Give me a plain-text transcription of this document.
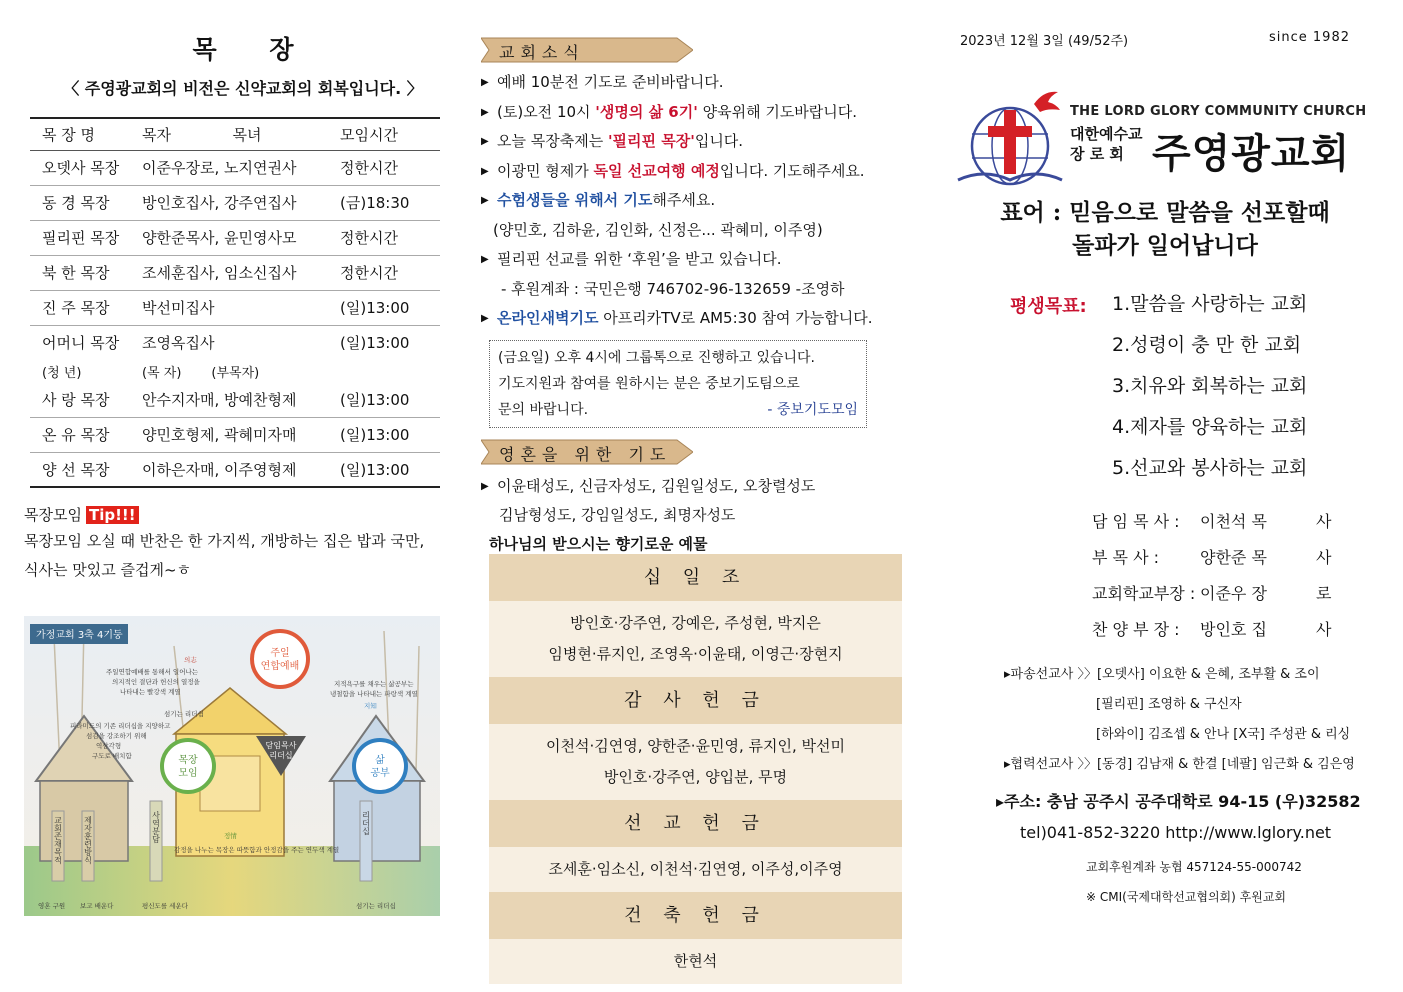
목 장
〈 주영광교회의 비전은 신약교회의 회복입니다. 〉
목 장 명	목자 목녀	모임시간
오뎃사 목장	이준우장로, 노지연권사	정한시간
동 경 목장	방인호집사, 강주연집사	(금)18:30
필리핀 목장	양한준목사, 윤민영사모	정한시간
북 한 목장	조세훈집사, 임소신집사	정한시간
진 주 목장	박선미집사	(일)13:00
어머니 목장	조영옥집사	(일)13:00
(청 년)	(목 자) (부목자)	
사 랑 목장	안수지자매, 방예찬형제	(일)13:00
온 유 목장	양민호형제, 곽혜미자매	(일)13:00
양 선 목장	이하은자매, 이주영형제	(일)13:00
목장모임 Tip!!!
목장모임 오실 때 반찬은 한 가지씩, 개방하는 집은 밥과 국만,
식사는 맛있고 즐겁게~ㅎ
가정교회 3축 4기둥
주일
연합예배
목장
모임
삶
공부
담임목사
리더십
의志
주일연합예배를 통해서 일어나는
의지적인 결단과 헌신의 열정을
나타내는 빨강색 계열
지적욕구를 채우는 삶공부는
냉철함을 나타내는 파랑색 계열
지知
섬기는 리더쉽
피라미드의 기존 리더십을 지양하고
섬김을 강조하기 위해
역삼각형
구도로 배치함
정情
감정을 나누는 목장은 따뜻함과 안정감을 주는 연두색 계열
영혼 구원 보고 배운다	평신도를 세운다	섬기는 리더십
교회존재목적	제자훈련방식	사역분담	리더십
교회소식
▶ 예배 10분전 기도로 준비바랍니다.
▶ (토)오전 10시 '생명의 삶 6기' 양육위해 기도바랍니다.
▶ 오늘 목장축제는 '필리핀 목장'입니다.
▶ 이광민 형제가 독일 선교여행 예정입니다. 기도해주세요.
▶ 수험생들을 위해서 기도해주세요.
(양민호, 김하윤, 김인화, 신정은... 곽혜미, 이주영)
▶ 필리핀 선교를 위한 ‘후원’을 받고 있습니다.
- 후원계좌 : 국민은행 746702-96-132659 -조영하
▶ 온라인새벽기도 아프리카TV로 AM5:30 참여 가능합니다.
(금요일) 오후 4시에 그룹톡으로 진행하고 있습니다.
기도지원과 참여를 원하시는 분은 중보기도팀으로
문의 바랍니다.	- 중보기도모임
영혼을 위한 기도
▶ 이윤태성도, 신금자성도, 김원일성도, 오창렬성도
김남형성도, 강임일성도, 최명자성도
하나님의 받으시는 향기로운 예물
십 일 조
방인호·강주연, 강예은, 주성현, 박지은
임병현·류지인, 조영옥·이윤태, 이영근·장현지
감 사 헌 금
이천석·김연영, 양한준·윤민영, 류지인, 박선미
방인호·강주연, 양입분, 무명
선 교 헌 금
조세훈·임소신, 이천석·김연영, 이주성,이주영
건 축 헌 금
한현석
2023년 12월 3일 (49/52주)	since 1982
THE LORD GLORY COMMUNITY CHURCH
대한예수교
장 로 회 주영광교회
표어 : 믿음으로 말씀을 선포할때
돌파가 일어납니다
평생목표: 1.말씀을 사랑하는 교회
2.성령이 충 만 한 교회
3.치유와 회복하는 교회
4.제자를 양육하는 교회
5.선교와 봉사하는 교회
담 임 목 사 :	이천석 목	사
부 목 사 :	양한준 목	사
교회학교부장 : 이준우 장	로
찬 양 부 장 :	방인호 집	사
▸파송선교사 〉〉[오뎃사] 이요한 & 은혜, 조부활 & 조이
[필리핀] 조영하 & 구신자
[하와이] 김조셉 & 안나 [X국] 주성관 & 리싱
▸협력선교사 〉〉[동경] 김남재 & 한결 [네팔] 임근화 & 김은영
▸주소: 충남 공주시 공주대학로 94-15 (우)32582
tel)041-852-3220 http://www.lglory.net
교회후원계좌 농협 457124-55-000742
※ CMI(국제대학선교협의회) 후원교회
